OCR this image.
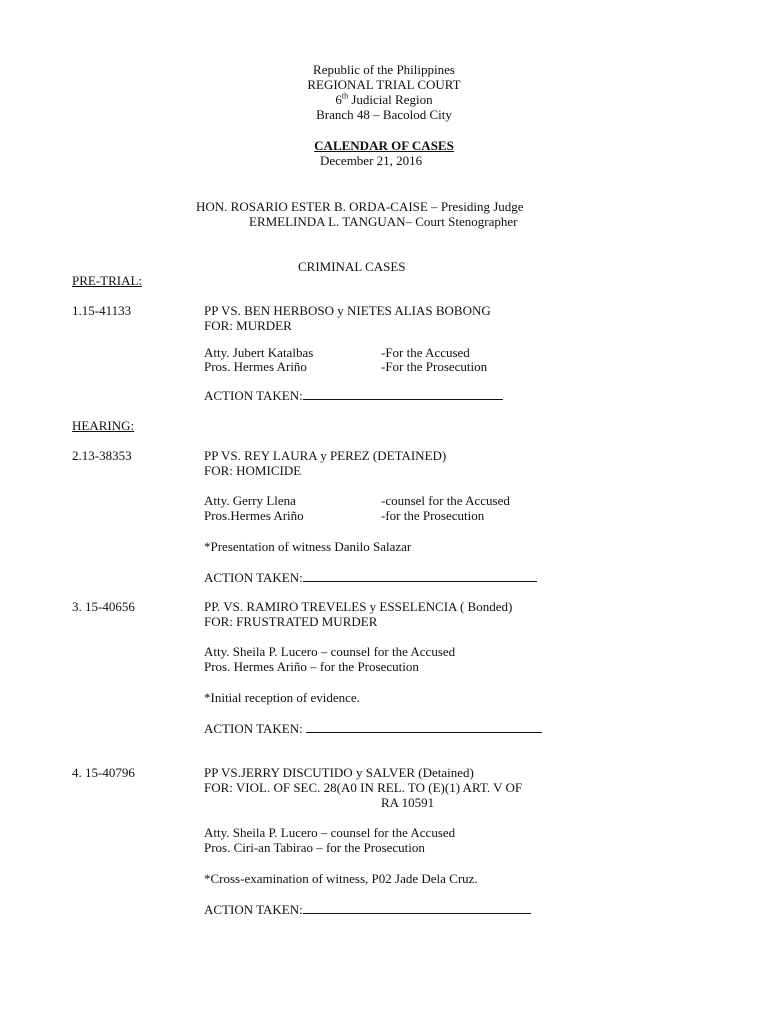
Republic of the Philippines
REGIONAL TRIAL COURT
6th Judicial Region
Branch 48 – Bacolod City
CALENDAR OF CASES
December 21, 2016
HON. ROSARIO ESTER B. ORDA-CAISE – Presiding Judge
ERMELINDA L. TANGUAN– Court Stenographer
CRIMINAL CASES
PRE-TRIAL:
1.15-41133	PP VS. BEN HERBOSO y NIETES ALIAS BOBONG
FOR: MURDER
Atty. Jubert Katalbas	-For the Accused
Pros. Hermes Ariño	-For the Prosecution
ACTION TAKEN:
HEARING:
2.13-38353	PP VS. REY LAURA y PEREZ (DETAINED)
FOR: HOMICIDE
Atty. Gerry Llena	-counsel for the Accused
Pros.Hermes Ariño	-for the Prosecution
*Presentation of witness Danilo Salazar
ACTION TAKEN:
3. 15-40656	PP. VS. RAMIRO TREVELES y ESSELENCIA ( Bonded)
FOR: FRUSTRATED MURDER
Atty. Sheila P. Lucero – counsel for the Accused
Pros. Hermes Ariño – for the Prosecution
*Initial reception of evidence.
ACTION TAKEN:
4. 15-40796	PP VS.JERRY DISCUTIDO y SALVER (Detained)
FOR: VIOL. OF SEC. 28(A0 IN REL. TO (E)(1) ART. V OF
RA 10591
Atty. Sheila P. Lucero – counsel for the Accused
Pros. Ciri-an Tabirao – for the Prosecution
*Cross-examination of witness, P02 Jade Dela Cruz.
ACTION TAKEN:
